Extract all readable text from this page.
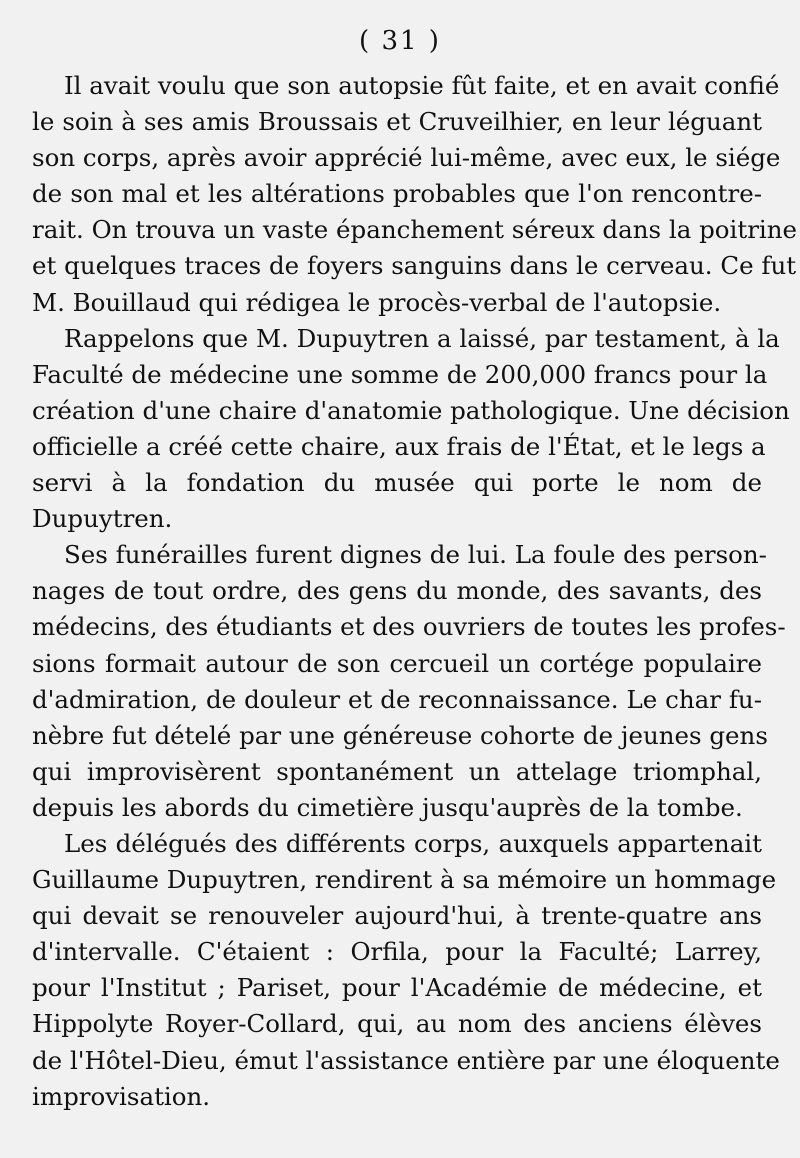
( 31 )
Il avait voulu que son autopsie fût faite, et en avait confié
le soin à ses amis Broussais et Cruveilhier, en leur léguant
son corps, après avoir apprécié lui-même, avec eux, le siége
de son mal et les altérations probables que l'on rencontre-
rait. On trouva un vaste épanchement séreux dans la poitrine
et quelques traces de foyers sanguins dans le cerveau. Ce fut
M. Bouillaud qui rédigea le procès-verbal de l'autopsie.
Rappelons que M. Dupuytren a laissé, par testament, à la
Faculté de médecine une somme de 200,000 francs pour la
création d'une chaire d'anatomie pathologique. Une décision
officielle a créé cette chaire, aux frais de l'État, et le legs a
servi à la fondation du musée qui porte le nom de
Dupuytren.
Ses funérailles furent dignes de lui. La foule des person-
nages de tout ordre, des gens du monde, des savants, des
médecins, des étudiants et des ouvriers de toutes les profes-
sions formait autour de son cercueil un cortége populaire
d'admiration, de douleur et de reconnaissance. Le char fu-
nèbre fut dételé par une généreuse cohorte de jeunes gens
qui improvisèrent spontanément un attelage triomphal,
depuis les abords du cimetière jusqu'auprès de la tombe.
Les délégués des différents corps, auxquels appartenait
Guillaume Dupuytren, rendirent à sa mémoire un hommage
qui devait se renouveler aujourd'hui, à trente-quatre ans
d'intervalle. C'étaient : Orfila, pour la Faculté; Larrey,
pour l'Institut ; Pariset, pour l'Académie de médecine, et
Hippolyte Royer-Collard, qui, au nom des anciens élèves
de l'Hôtel-Dieu, émut l'assistance entière par une éloquente
improvisation.
